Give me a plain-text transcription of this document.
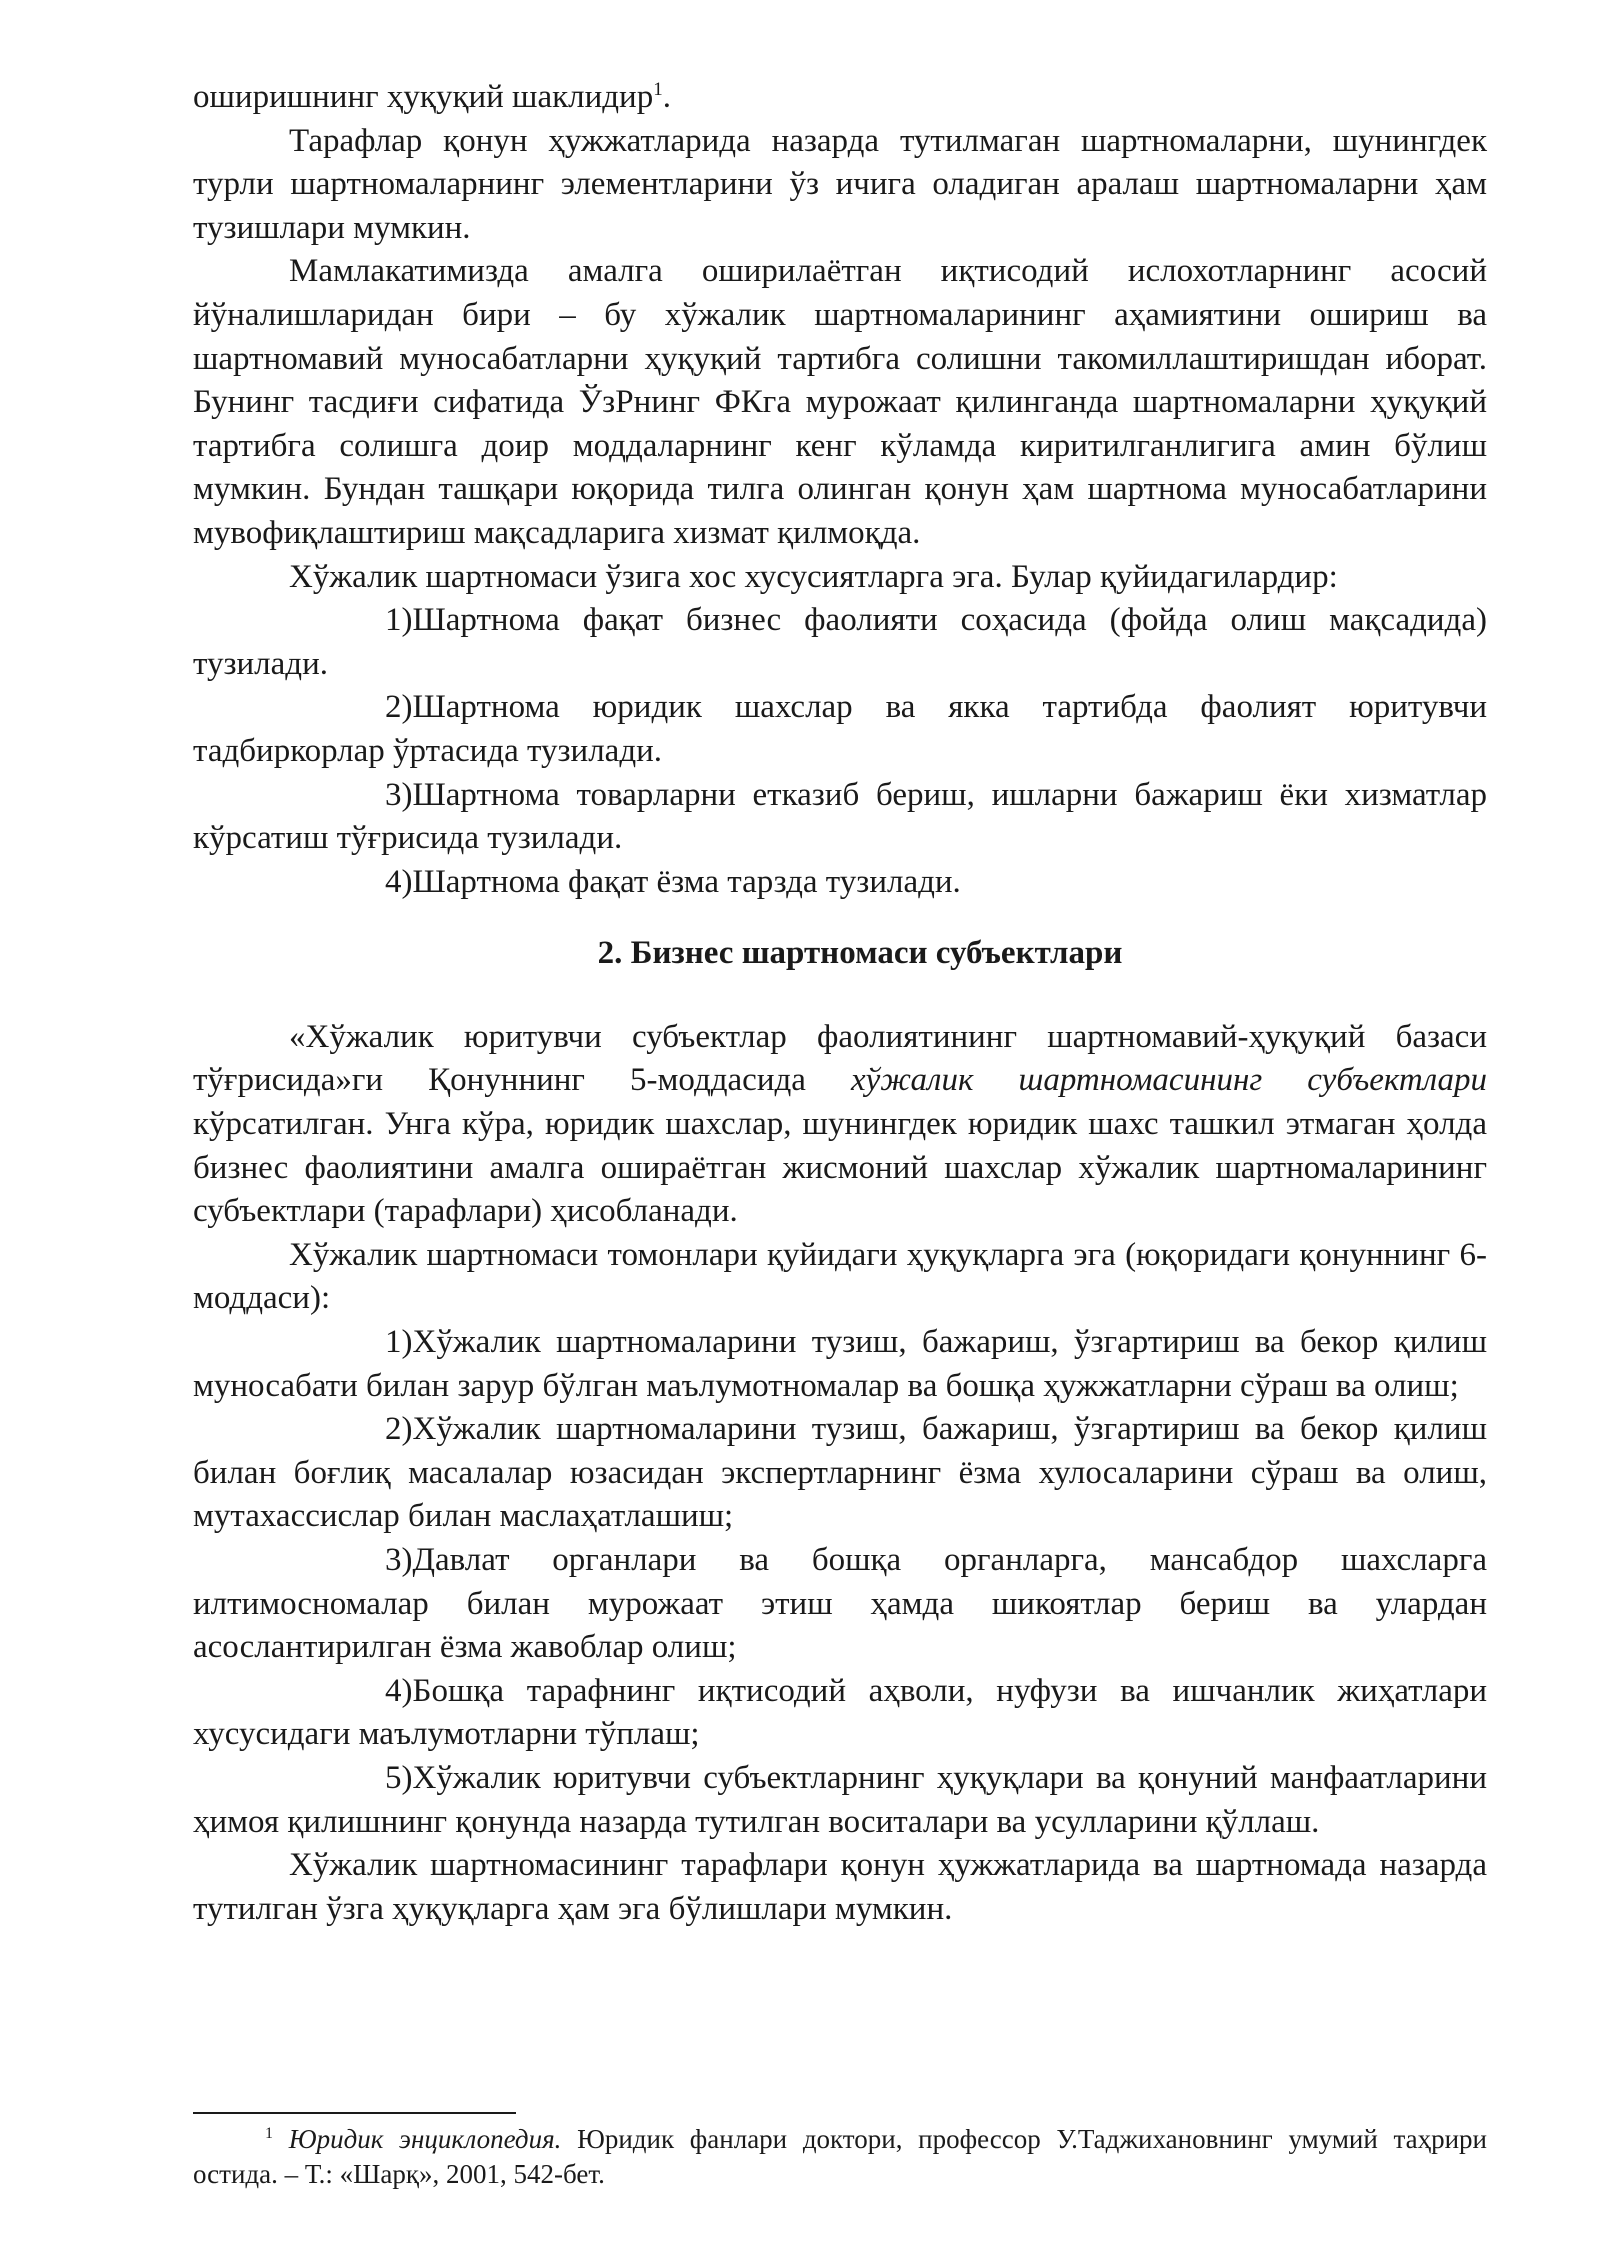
оширишнинг ҳуқуқий шаклидир$^1$.

Тарафлар қонун ҳужжатларида назарда тутилмаган шартномаларни, шунингдек турли шартномаларнинг элементларини ўз ичига оладиган аралаш шартномаларни ҳам тузишлари мумкин.

Мамлакатимизда амалга оширилаётган иқтисодий ислохотларнинг асосий йўналишларидан бири – бу хўжалик шартномаларининг аҳамиятини ошириш ва шартномавий муносабатларни ҳуқуқий тартибга солишни такомиллаштиришдан иборат. Бунинг тасдиғи сифатида ЎзРнинг ФКга мурожаат қилинганда шартномаларни ҳуқуқий тартибга солишга доир моддаларнинг кенг кўламда киритилганлигига амин бўлиш мумкин. Бундан ташқари юқорида тилга олинган қонун ҳам шартнома муносабатларини мувофиқлаштириш мақсадларига хизмат қилмоқда.

Хўжалик шартномаси ўзига хос хусусиятларга эга. Булар қуйидагилардир:

1)Шартнома фақат бизнес фаолияти соҳасида (фойда олиш мақсадида) тузилади.

2)Шартнома юридик шахслар ва якка тартибда фаолият юритувчи тадбиркорлар ўртасида тузилади.

3)Шартнома товарларни етказиб бериш, ишларни бажариш ёки хизматлар кўрсатиш тўғрисида тузилади.

4)Шартнома фақат ёзма тарзда тузилади.

2. Бизнес шартномаси субъектлари

«Хўжалик юритувчи субъектлар фаолиятининг шартномавий-ҳуқуқий базаси тўғрисида»ги Қонуннинг 5-моддасида хўжалик шартномасининг субъектлари кўрсатилган. Унга кўра, юридик шахслар, шунингдек юридик шахс ташкил этмаган ҳолда бизнес фаолиятини амалга ошираётган жисмоний шахслар хўжалик шартномаларининг субъектлари (тарафлари) ҳисобланади.

Хўжалик шартномаси томонлари қуйидаги ҳуқуқларга эга (юқоридаги қонуннинг 6-моддаси):

1)Хўжалик шартномаларини тузиш, бажариш, ўзгартириш ва бекор қилиш муносабати билан зарур бўлган маълумотномалар ва бошқа ҳужжатларни сўраш ва олиш;

2)Хўжалик шартномаларини тузиш, бажариш, ўзгартириш ва бекор қилиш билан боғлиқ масалалар юзасидан экспертларнинг ёзма хулосаларини сўраш ва олиш, мутахассислар билан маслаҳатлашиш;

3)Давлат органлари ва бошқа органларга, мансабдор шахсларга илтимосномалар билан мурожаат этиш ҳамда шикоятлар бериш ва улардан асослантирилган ёзма жавоблар олиш;

4)Бошқа тарафнинг иқтисодий аҳволи, нуфузи ва ишчанлик жиҳатлари хусусидаги маълумотларни тўплаш;

5)Хўжалик юритувчи субъектларнинг ҳуқуқлари ва қонуний манфаатларини ҳимоя қилишнинг қонунда назарда тутилган воситалари ва усулларини қўллаш.

Хўжалик шартномасининг тарафлари қонун ҳужжатларида ва шартномада назарда тутилган ўзга ҳуқуқларга ҳам эга бўлишлари мумкин.

$^1$ Юридик энциклопедия. Юридик фанлари доктори, профессор У.Таджихановнинг умумий таҳрири остида. – Т.: «Шарқ», 2001, 542-бет.
